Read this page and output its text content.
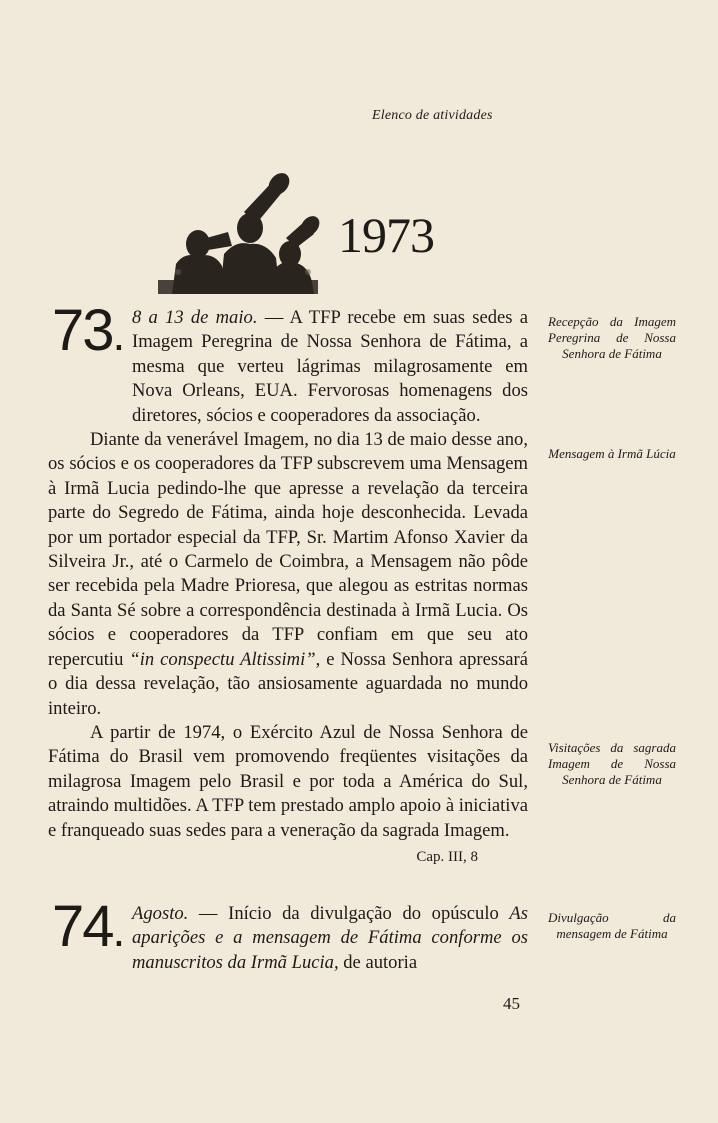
Elenco de atividades
1973
73. 8 a 13 de maio. — A TFP recebe em suas sedes a Imagem Peregrina de Nossa Senhora de Fátima, a mesma que verteu lágrimas milagrosamente em Nova Orleans, EUA. Fervorosas homenagens dos diretores, sócios e cooperadores da associação.

Diante da venerável Imagem, no dia 13 de maio desse ano, os sócios e os cooperadores da TFP subscrevem uma Mensagem à Irmã Lucia pedindo-lhe que apresse a revelação da terceira parte do Segredo de Fátima, ainda hoje desconhecida. Levada por um portador especial da TFP, Sr. Martim Afonso Xavier da Silveira Jr., até o Carmelo de Coimbra, a Mensagem não pôde ser recebida pela Madre Prioresa, que alegou as estritas normas da Santa Sé sobre a correspondência destinada à Irmã Lucia. Os sócios e cooperadores da TFP confiam em que seu ato repercutiu “in conspectu Altissimi”, e Nossa Senhora apressará o dia dessa revelação, tão ansiosamente aguardada no mundo inteiro.

A partir de 1974, o Exército Azul de Nossa Senhora de Fátima do Brasil vem promovendo freqüentes visitações da milagrosa Imagem pelo Brasil e por toda a América do Sul, atraindo multidões. A TFP tem prestado amplo apoio à iniciativa e franqueado suas sedes para a veneração da sagrada Imagem.

Cap. III, 8

74. Agosto. — Início da divulgação do opúsculo As aparições e a mensagem de Fátima conforme os manuscritos da Irmã Lucia, de autoria

Recepção da Imagem Peregrina de Nossa Senhora de Fátima
Mensagem à Irmã Lúcia
Visitações da sagrada Imagem de Nossa Senhora de Fátima
Divulgação da mensagem de Fátima
45
